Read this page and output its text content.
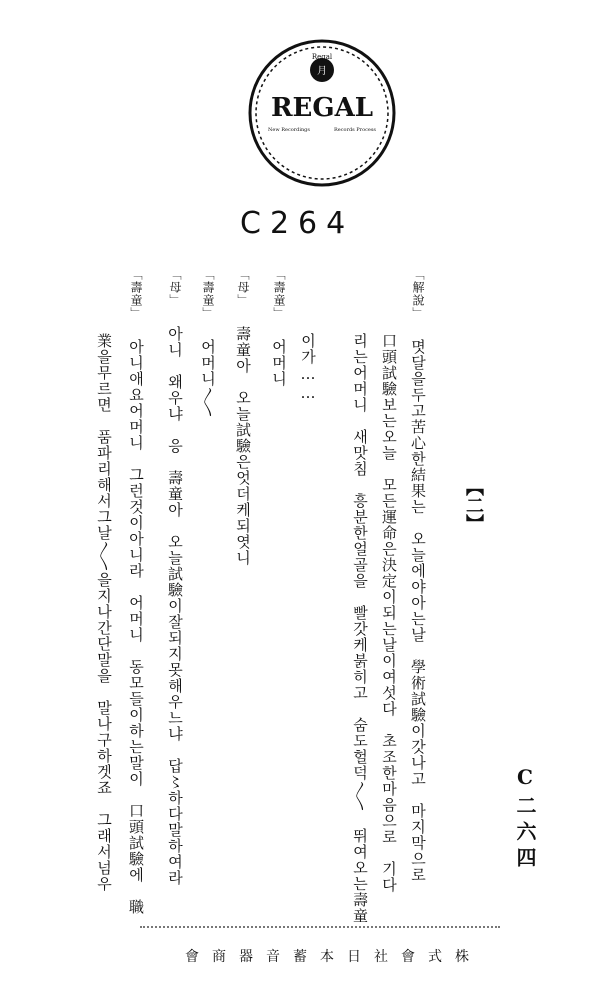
月
Regal
REGAL
New Recordings	Records Process
C264
【二】
「解說」 몃달을두고苦心한結果는　오늘에야아는날　學術試驗이갓나고　마지막으로
口頭試驗보는오늘　모든運命은決定이되는날이여섯다　초조한마음으로　기다
리는어머니　새맛침　흥분한얼골을　빨갓케붉히고　숨도헐덕〳〵　뛰여오는壽童
이가……
「壽童」 어머니
「母」 壽童아　오늘試驗은엇더케되엿니
「壽童」 어머니〳〵
「母」 아니　왜우냐　응　壽童아　오늘試驗이잘되지못해우느냐　답〻하다말하여라
「壽童」 아니애요어머니　그런것이아니라　어머니　동모들이하는말이　口頭試驗에　職
業을무르면　품파리해서그날〳〵을지나간단말을　말나구하겟죠　그래서넘우	C二六四
株式會社日本蓄音器商會
